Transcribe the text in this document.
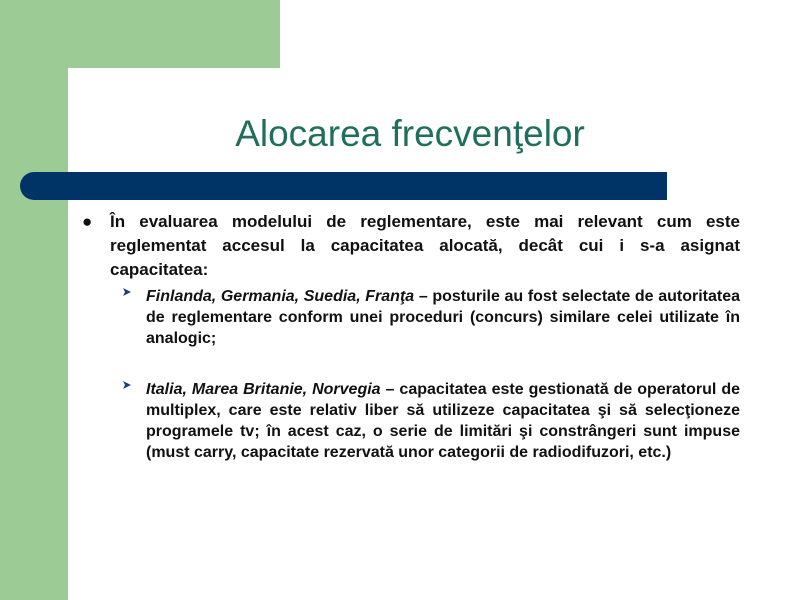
Alocarea frecvenţelor

● În evaluarea modelului de reglementare, este mai relevant cum este reglementat accesul la capacitatea alocată, decât cui i s-a asignat capacitatea:

Finlanda, Germania, Suedia, Franţa – posturile au fost selectate de autoritatea de reglementare conform unei proceduri (concurs) similare celei utilizate în analogic;

Italia, Marea Britanie, Norvegia – capacitatea este gestionată de operatorul de multiplex, care este relativ liber să utilizeze capacitatea şi să selecţioneze programele tv; în acest caz, o serie de limitări şi constrângeri sunt impuse (must carry, capacitate rezervată unor categorii de radiodifuzori, etc.)
